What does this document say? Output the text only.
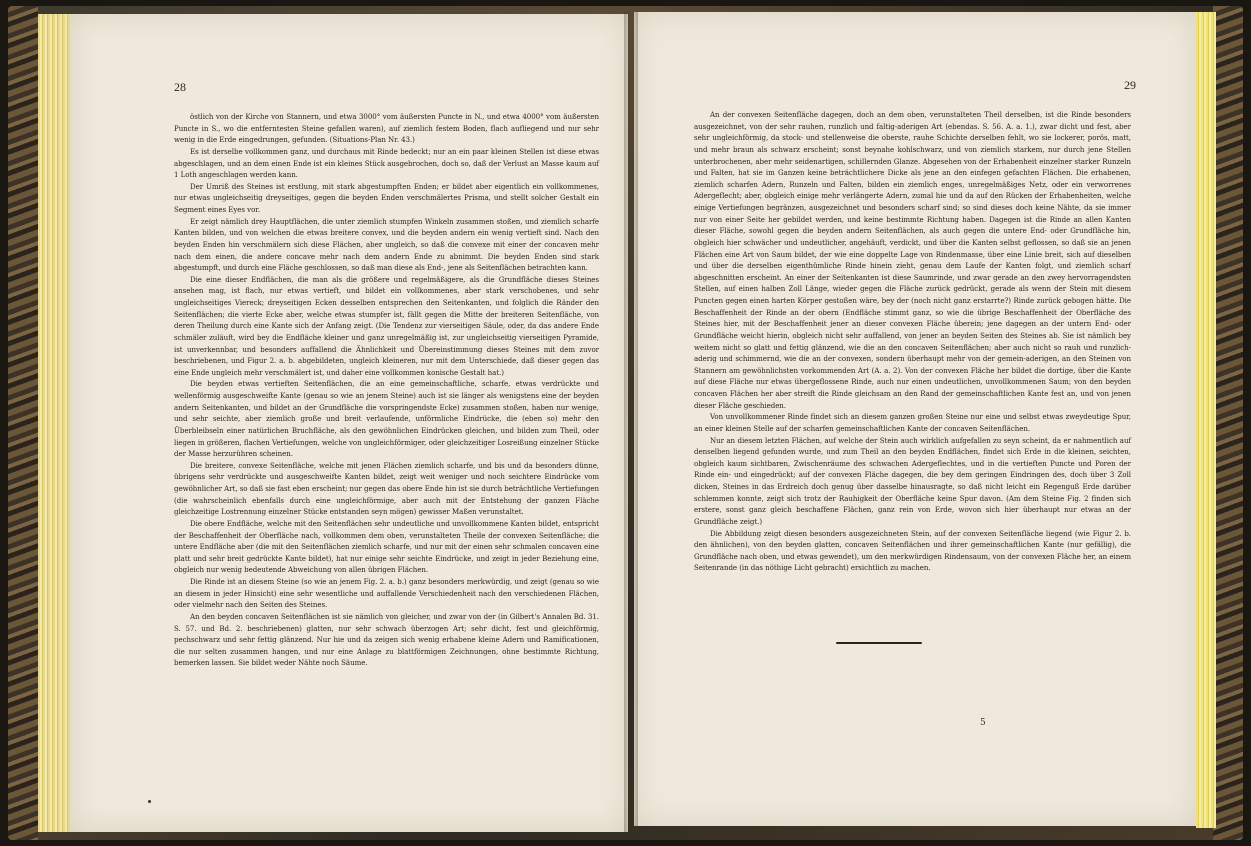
28

östlich von der Kirche von Stannern, und etwa 3000° vom äußersten Puncte in N., und etwa 4000° vom äußersten Puncte in S., wo die entferntesten Steine gefallen waren), auf ziemlich festem Boden, flach aufliegend und nur sehr wenig in die Erde eingedrungen, gefunden. (Situations-Plan Nr. 43.)

Es ist derselbe vollkommen ganz, und durchaus mit Rinde bedeckt; nur an ein paar kleinen Stellen ist diese etwas abgeschlagen, und an dem einen Ende ist ein kleines Stück ausgebrochen, doch so, daß der Verlust an Masse kaum auf 1 Loth angeschlagen werden kann.

Der Umriß des Steines ist erstlung, mit stark abgestumpften Enden; er bildet aber eigentlich ein vollkommenes, nur etwas ungleichseitig dreyseitiges, gegen die beyden Enden verschmälertes Prisma, und stellt solcher Gestalt ein Segment eines Eyes vor.

Er zeigt nämlich drey Hauptflächen, die unter ziemlich stumpfen Winkeln zusammen stoßen, und ziemlich scharfe Kanten bilden, und von welchen die etwas breitere convex, und die beyden andern ein wenig vertieft sind. Nach den beyden Enden hin verschmälern sich diese Flächen, aber ungleich, so daß die convexe mit einer der concaven mehr nach dem einen, die andere concave mehr nach dem andern Ende zu abnimmt. Die beyden Enden sind stark abgestumpft, und durch eine Fläche geschlossen, so daß man diese als End-, jene als Seitenflächen betrachten kann.

Die eine dieser Endflächen, die man als die größere und regelmäßigere, als die Grundfläche dieses Steines ansehen mag, ist flach, nur etwas vertieft, und bildet ein vollkommenes, aber stark verschobenes, und sehr ungleichseitiges Viereck; dreyseitigen Ecken desselben entsprechen den Seitenkanten, und folglich die Ränder den Seitenflächen; die vierte Ecke aber, welche etwas stumpfer ist, fällt gegen die Mitte der breiteren Seitenfläche, von deren Theilung durch eine Kante sich der Anfang zeigt. (Die Tendenz zur vierseitigen Säule, oder, da das andere Ende schmäler zuläuft, wird bey die Endfläche kleiner und ganz unregelmäßig ist, zur ungleichseitig vierseitigen Pyramide, ist unverkennbar, und besonders auffallend die Ähnlichkeit und Übereinstimmung dieses Steines mit dem zuvor beschriebenen, und Figur 2. a. b. abgebildeten, ungleich kleineren, nur mit dem Unterschiede, daß dieser gegen das eine Ende ungleich mehr verschmälert ist, und daher eine vollkommen konische Gestalt hat.)

Die beyden etwas vertieften Seitenflächen, die an eine gemeinschaftliche, scharfe, etwas verdrückte und wellenförmig ausgeschweifte Kante (genau so wie an jenem Steine) auch ist sie länger als wenigstens eine der beyden andern Seitenkanten, und bildet an der Grundfläche die vorspringendste Ecke) zusammen stoßen, haben nur wenige, und sehr seichte, aber ziemlich große und breit verlaufende, unförmliche Eindrücke, die (eben so) mehr den Überbleibseln einer natürlichen Bruchfläche, als den gewöhnlichen Eindrücken gleichen, und bilden zum Theil, oder liegen in größeren, flachen Vertiefungen, welche von ungleichförmiger, oder gleichzeitiger Losreißung einzelner Stücke der Masse herzurühren scheinen.

Die breitere, convexe Seitenfläche, welche mit jenen Flächen ziemlich scharfe, und bis und da besonders dünne, übrigens sehr verdrückte und ausgeschweifte Kanten bildet, zeigt weit weniger und noch seichtere Eindrücke vom gewöhnlicher Art, so daß sie fast eben erscheint; nur gegen das obere Ende hin ist sie durch beträchtliche Vertiefungen (die wahrscheinlich ebenfalls durch eine ungleichförmige, aber auch mit der Entstehung der ganzen Fläche gleichzeitige Lostrennung einzelner Stücke entstanden seyn mögen) gewisser Maßen verunstaltet.

Die obere Endfläche, welche mit den Seitenflächen sehr undeutliche und unvollkommene Kanten bildet, entspricht der Beschaffenheit der Oberfläche nach, vollkommen dem oben, verunstalteten Theile der convexen Seitenfläche; die untere Endfläche aber (die mit den Seitenflächen ziemlich scharfe, und nur mit der einen sehr schmalen concaven eine platt und sehr breit gedrückte Kante bildet), hat nur einige sehr seichte Eindrücke, und zeigt in jeder Beziehung eine, obgleich nur wenig bedeutende Abweichung von allen übrigen Flächen.

Die Rinde ist an diesem Steine (so wie an jenem Fig. 2. a. b.) ganz besonders merkwürdig, und zeigt (genau so wie an diesem in jeder Hinsicht) eine sehr wesentliche und auffallende Verschiedenheit nach den verschiedenen Flächen, oder vielmehr nach den Seiten des Steines.

An den beyden concaven Seitenflächen ist sie nämlich von gleicher, und zwar von der (in Gilbert's Annalen Bd. 31. S. 57. und Bd. 2. beschriebenen) glatten, nur sehr schwach überzogen Art; sehr dicht, fest und gleichförmig, pechschwarz und sehr fettig glänzend. Nur hie und da zeigen sich wenig erhabene kleine Adern und Ramificationen, die nur selten zusammen hangen, und nur eine Anlage zu blattförmigen Zeichnungen, ohne bestimmte Richtung, bemerken lassen. Sie bildet weder Nähte noch Säume.

29

An der convexen Seitenfläche dagegen, doch an dem oben, verunstalteten Theil derselben, ist die Rinde besonders ausgezeichnet, von der sehr rauhen, runzlich und faltig-aderigen Art (ebendas. S. 56. A. a. 1.), zwar dicht und fest, aber sehr ungleichförmig, da stock- und stellenweise die oberste, rauhe Schichte derselben fehlt, wo sie lockerer, porös, matt, und mehr braun als schwarz erscheint; sonst beynahe kohlschwarz, und von ziemlich starkem, nur durch jene Stellen unterbrochenen, aber mehr seidenartigen, schillernden Glanze. Abgesehen von der Erhabenheit einzelner starker Runzeln und Falten, hat sie im Ganzen keine beträchtlichere Dicke als jene an den einfegen gefachten Flächen. Die erhabenen, ziemlich scharfen Adern, Runzeln und Falten, bilden ein ziemlich enges, unregelmäßiges Netz, oder ein verworrenes Adergeflecht; aber, obgleich einige mehr verlängerte Adern, zumal hie und da auf den Rücken der Erhabenheiten, welche einige Vertiefungen begränzen, ausgezeichnet und besonders scharf sind; so sind dieses doch keine Nähte, da sie immer nur von einer Seite her gebildet werden, und keine bestimmte Richtung haben. Dagegen ist die Rinde an allen Kanten dieser Fläche, sowohl gegen die beyden andern Seitenflächen, als auch gegen die untere End- oder Grundfläche hin, obgleich hier schwächer und undeutlicher, angehäuft, verdickt, und über die Kanten selbst geflossen, so daß sie an jenen Flächen eine Art von Saum bildet, der wie eine doppelte Lage von Rindenmasse, über eine Linie breit, sich auf dieselben und über die derselben eigenthümliche Rinde hinein zieht, genau dem Laufe der Kanten folgt, und ziemlich scharf abgeschnitten erscheint. An einer der Seitenkanten ist diese Saumrinde, und zwar gerade an den zwey hervorragendsten Stellen, auf einen halben Zoll Länge, wieder gegen die Fläche zurück gedrückt, gerade als wenn der Stein mit diesem Puncten gegen einen harten Körper gestoßen wäre, bey der (noch nicht ganz erstarrte?) Rinde zurück gebogen hätte. Die Beschaffenheit der Rinde an der obern (Endfläche stimmt ganz, so wie die übrige Beschaffenheit der Oberfläche des Steines hier, mit der Beschaffenheit jener an dieser convexen Fläche überein; jene dagegen an der untern End- oder Grundfläche weicht hierin, obgleich nicht sehr auffallend, von jener an beyden Seiten des Steines ab. Sie ist nämlich bey weitem nicht so glatt und fettig glänzend, wie die an den concaven Seitenflächen; aber auch nicht so rauh und runzlich-aderig und schimmernd, wie die an der convexen, sondern überhaupt mehr von der gemein-aderigen, an den Steinen von Stannern am gewöhnlichsten vorkommenden Art (A. a. 2). Von der convexen Fläche her bildet die dortige, über die Kante auf diese Fläche nur etwas übergeflossene Rinde, auch nur einen undeutlichen, unvollkommenen Saum; von den beyden concaven Flächen her aber streift die Rinde gleichsam an den Rand der gemeinschaftlichen Kante fest an, und von jenen dieser Fläche geschieden.

Von unvollkommener Rinde findet sich an diesem ganzen großen Steine nur eine und selbst etwas zweydeutige Spur, an einer kleinen Stelle auf der scharfen gemeinschaftlichen Kante der concaven Seitenflächen.

Nur an diesem letzten Flächen, auf welche der Stein auch wirklich aufgefallen zu seyn scheint, da er nahmentlich auf denselben liegend gefunden wurde, und zum Theil an den beyden Endflächen, findet sich Erde in die kleinen, seichten, obgleich kaum sichtbaren, Zwischenräume des schwachen Adergeflechtes, und in die vertieften Puncte und Poren der Rinde ein- und eingedrückt; auf der convexen Fläche dagegen, die bey dem geringen Eindringen des, doch über 3 Zoll dicken, Steines in das Erdreich doch genug über dasselbe hinausragte, so daß nicht leicht ein Regenguß Erde darüber schlemmen konnte, zeigt sich trotz der Rauhigkeit der Oberfläche keine Spur davon. (Am dem Steine Fig. 2 finden sich erstere, sonst ganz gleich beschaffene Flächen, ganz rein von Erde, wovon sich hier überhaupt nur etwas an der Grundfläche zeigt.)

Die Abbildung zeigt diesen besonders ausgezeichneten Stein, auf der convexen Seitenfläche liegend (wie Figur 2. b. den ähnlichen), von den beyden glatten, concaven Seitenflächen und ihrer gemeinschaftlichen Kante (nur gefällig), die Grundfläche nach oben, und etwas gewendet), um den merkwürdigen Rindensaum, von der convexen Fläche her, an einem Seitenrande (in das nöthige Licht gebracht) ersichtlich zu machen.

5
